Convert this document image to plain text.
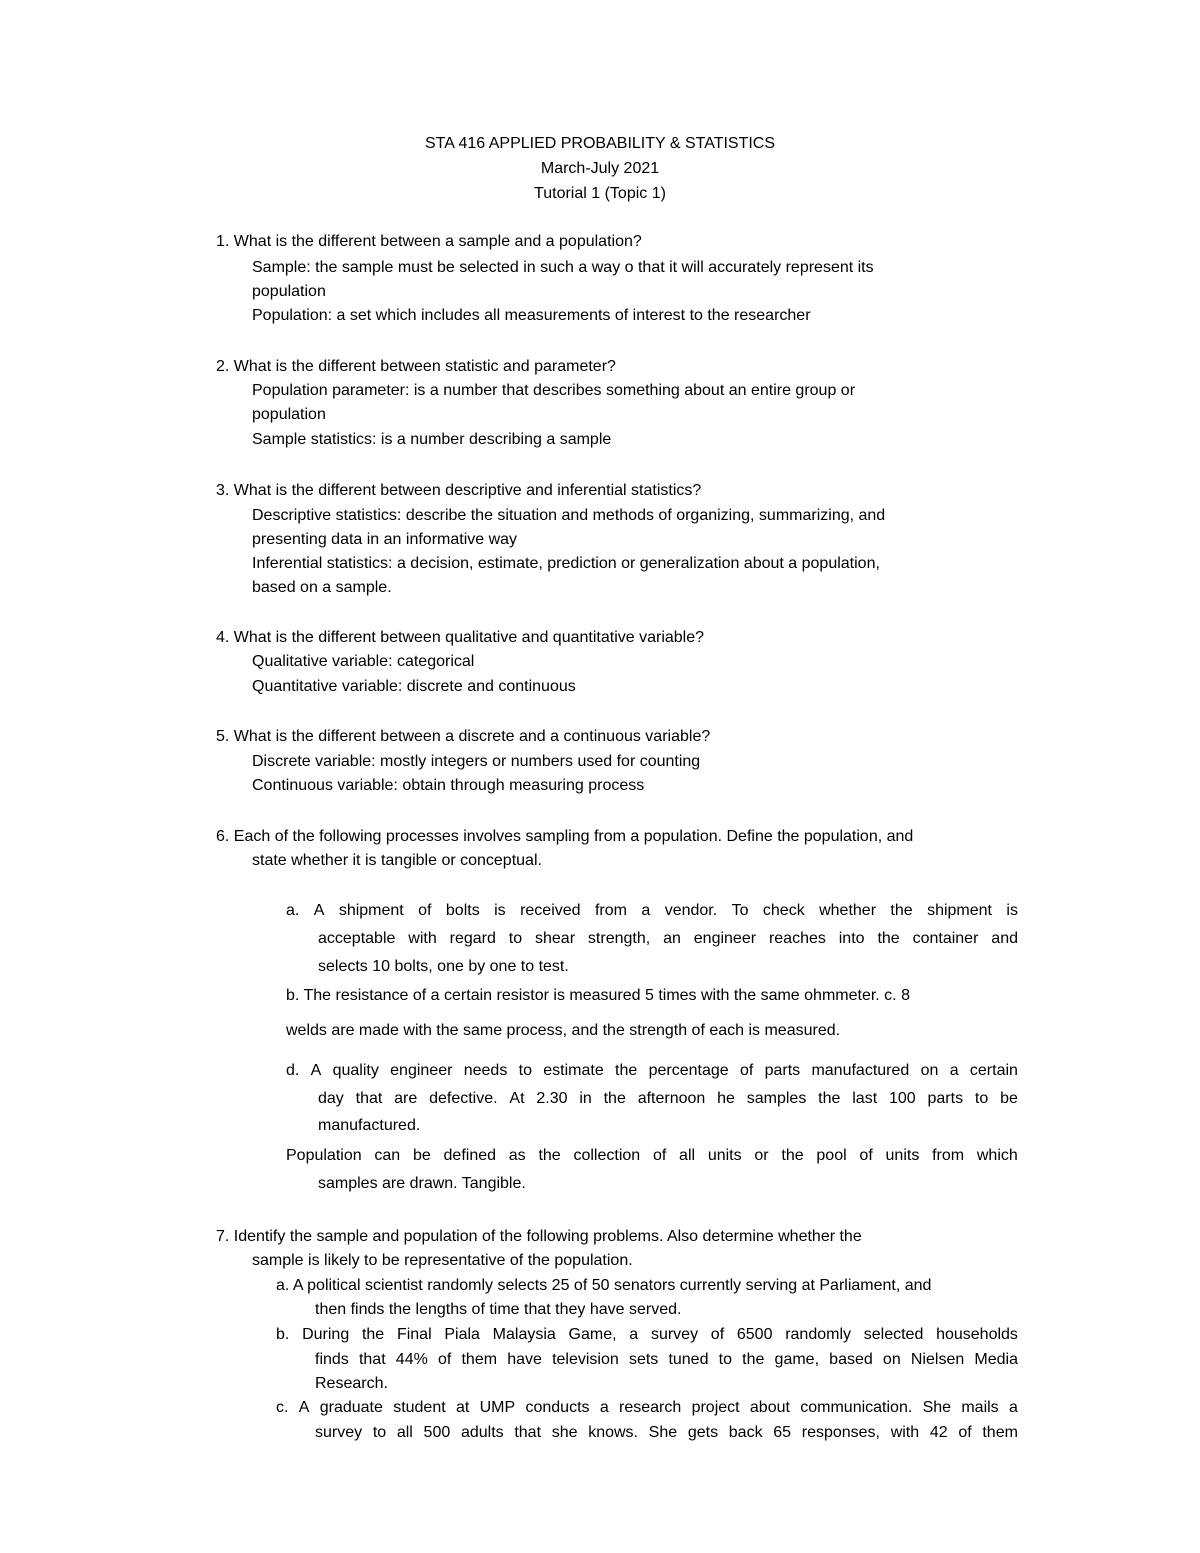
STA 416 APPLIED PROBABILITY & STATISTICS
March-July 2021
Tutorial 1 (Topic 1)
1. What is the different between a sample and a population?
Sample: the sample must be selected in such a way o that it will accurately represent its
population
Population: a set which includes all measurements of interest to the researcher
2. What is the different between statistic and parameter?
Population parameter: is a number that describes something about an entire group or
population
Sample statistics: is a number describing a sample
3. What is the different between descriptive and inferential statistics?
Descriptive statistics: describe the situation and methods of organizing, summarizing, and
presenting data in an informative way
Inferential statistics: a decision, estimate, prediction or generalization about a population,
based on a sample.
4. What is the different between qualitative and quantitative variable?
Qualitative variable: categorical
Quantitative variable: discrete and continuous
5. What is the different between a discrete and a continuous variable?
Discrete variable: mostly integers or numbers used for counting
Continuous variable: obtain through measuring process
6. Each of the following processes involves sampling from a population. Define the population, and
state whether it is tangible or conceptual.
a. A shipment of bolts is received from a vendor. To check whether the shipment is
acceptable with regard to shear strength, an engineer reaches into the container and
selects 10 bolts, one by one to test.
b. The resistance of a certain resistor is measured 5 times with the same ohmmeter. c. 8
welds are made with the same process, and the strength of each is measured.
d. A quality engineer needs to estimate the percentage of parts manufactured on a certain
day that are defective. At 2.30 in the afternoon he samples the last 100 parts to be
manufactured.
Population can be defined as the collection of all units or the pool of units from which
samples are drawn. Tangible.
7. Identify the sample and population of the following problems. Also determine whether the
sample is likely to be representative of the population.
a. A political scientist randomly selects 25 of 50 senators currently serving at Parliament, and
then finds the lengths of time that they have served.
b. During the Final Piala Malaysia Game, a survey of 6500 randomly selected households
finds that 44% of them have television sets tuned to the game, based on Nielsen Media
Research.
c. A graduate student at UMP conducts a research project about communication. She mails a
survey to all 500 adults that she knows. She gets back 65 responses, with 42 of them
